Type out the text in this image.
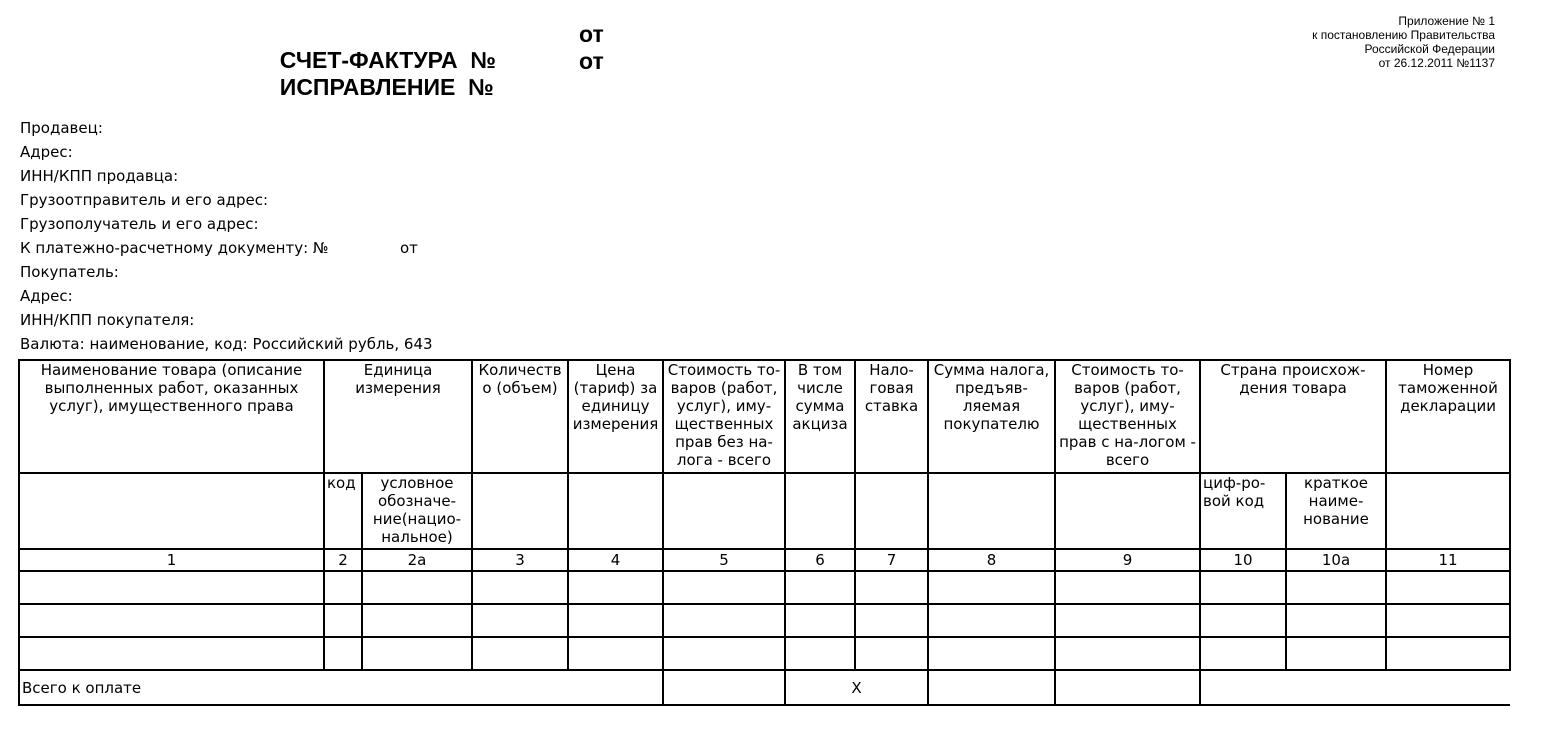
СЧЕТ-ФАКТУРА  №

от

ИСПРАВЛЕНИЕ  №

от

Приложение № 1
к постановлению Правительства
Российской Федерации
от 26.12.2011 №1137
Продавец:
Адрес:
ИНН/КПП продавца:
Грузоотправитель и его адрес:
Грузополучатель и его адрес:
К платежно-расчетному документу: №	от
Покупатель:
Адрес:
ИНН/КПП покупателя:
Валюта: наименование, код: Российский рубль, 643
Наименование товара (описание выполненных работ, оказанных услуг), имущественного права	Единица измерения		Количеств о (объем)	Цена (тариф) за единицу измерения	Стоимость то-варов (работ, услуг), иму-щественных прав без на-лога - всего	В том числе сумма акциза	Нало-говая ставка	Сумма налога, предъяв-ляемая покупателю	Стоимость то-варов (работ, услуг), иму-щественных прав с на-логом - всего	Страна происхож-дения товара		Номер таможенной декларации
	код	условное обозначе-ние(нацио-нальное)								циф-ро-вой код	краткое наиме-нование	
1	2	2а	3	4	5	6	7	8	9	10	10а	11

Всего к оплате						X						
